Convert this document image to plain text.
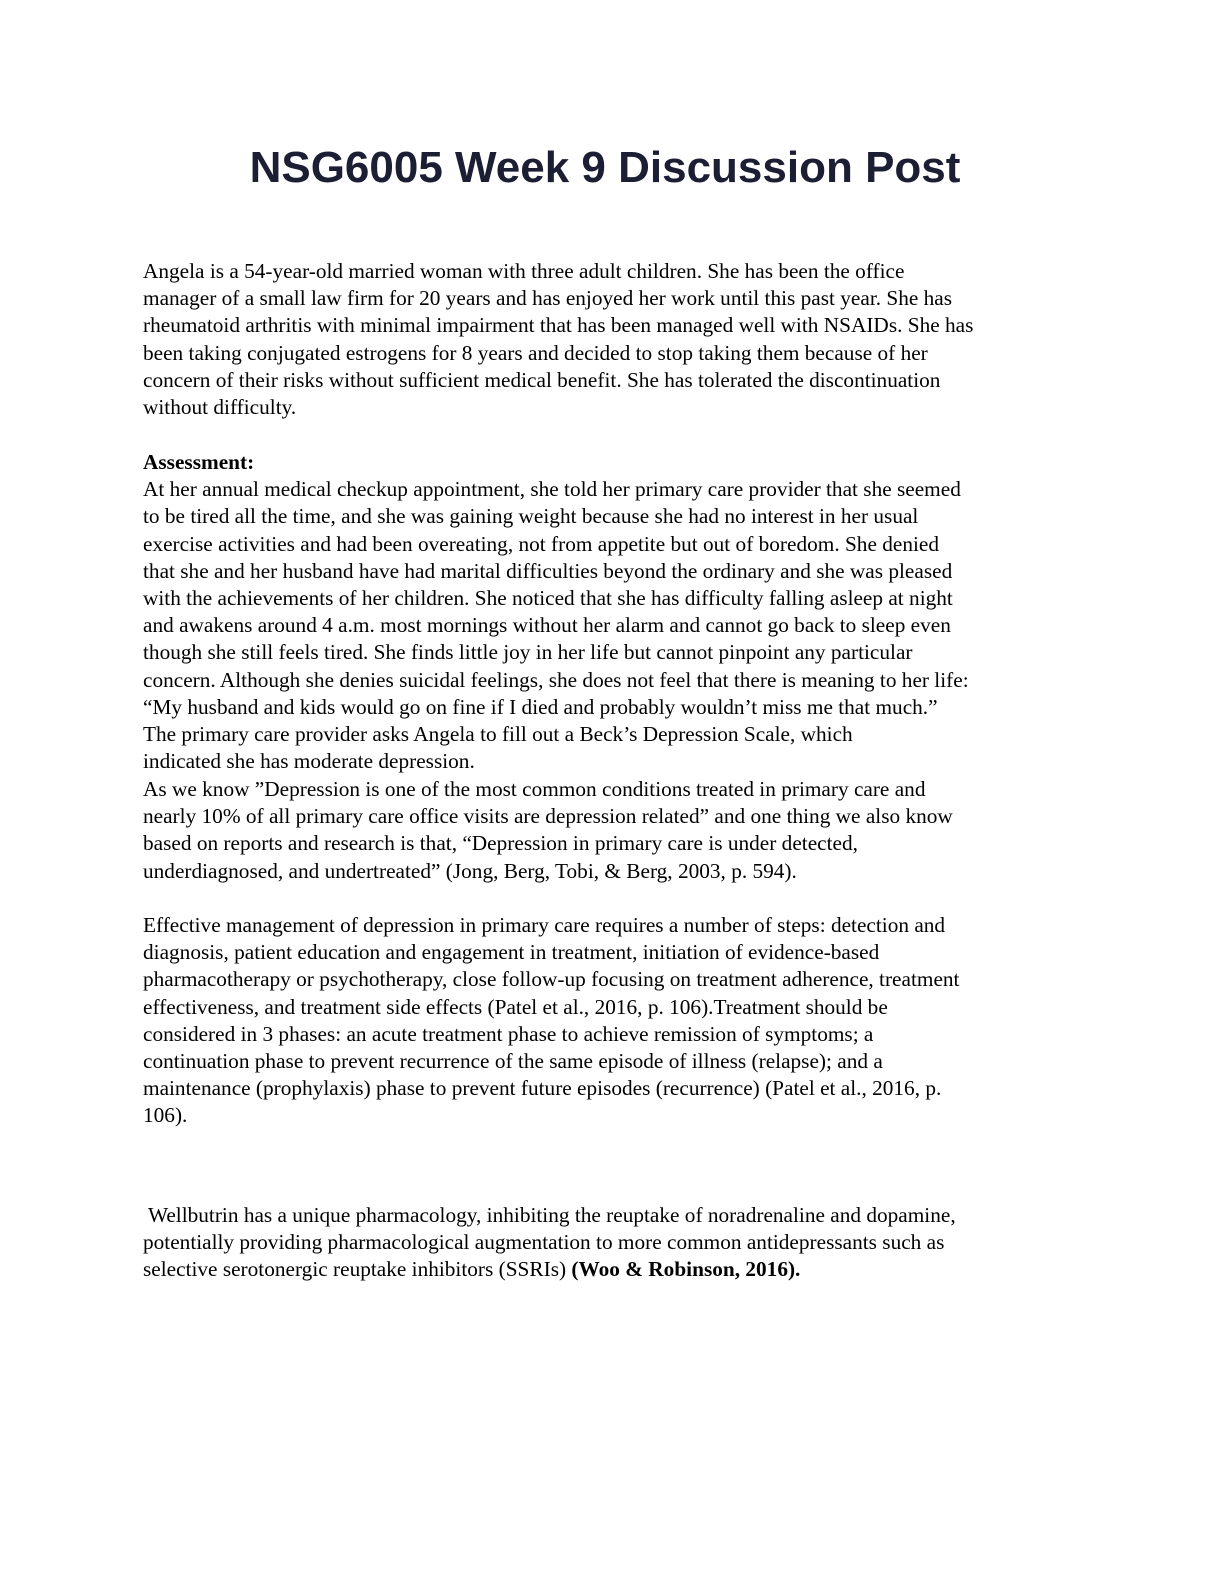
NSG6005 Week 9 Discussion Post
Angela is a 54-year-old married woman with three adult children. She has been the office
manager of a small law firm for 20 years and has enjoyed her work until this past year. She has
rheumatoid arthritis with minimal impairment that has been managed well with NSAIDs. She has
been taking conjugated estrogens for 8 years and decided to stop taking them because of her
concern of their risks without sufficient medical benefit. She has tolerated the discontinuation
without difficulty.
Assessment:
At her annual medical checkup appointment, she told her primary care provider that she seemed
to be tired all the time, and she was gaining weight because she had no interest in her usual
exercise activities and had been overeating, not from appetite but out of boredom. She denied
that she and her husband have had marital difficulties beyond the ordinary and she was pleased
with the achievements of her children. She noticed that she has difficulty falling asleep at night
and awakens around 4 a.m. most mornings without her alarm and cannot go back to sleep even
though she still feels tired. She finds little joy in her life but cannot pinpoint any particular
concern. Although she denies suicidal feelings, she does not feel that there is meaning to her life:
“My husband and kids would go on fine if I died and probably wouldn’t miss me that much.”
The primary care provider asks Angela to fill out a Beck’s Depression Scale, which
indicated she has moderate depression.
As we know ”Depression is one of the most common conditions treated in primary care and
nearly 10% of all primary care office visits are depression related” and one thing we also know
based on reports and research is that, “Depression in primary care is under detected,
underdiagnosed, and undertreated” (Jong, Berg, Tobi, & Berg, 2003, p. 594).
Effective management of depression in primary care requires a number of steps: detection and
diagnosis, patient education and engagement in treatment, initiation of evidence-based
pharmacotherapy or psychotherapy, close follow-up focusing on treatment adherence, treatment
effectiveness, and treatment side effects (Patel et al., 2016, p. 106).Treatment should be
considered in 3 phases: an acute treatment phase to achieve remission of symptoms; a
continuation phase to prevent recurrence of the same episode of illness (relapse); and a
maintenance (prophylaxis) phase to prevent future episodes (recurrence) (Patel et al., 2016, p.
106).
Wellbutrin has a unique pharmacology, inhibiting the reuptake of noradrenaline and dopamine,
potentially providing pharmacological augmentation to more common antidepressants such as
selective serotonergic reuptake inhibitors (SSRIs) (Woo & Robinson, 2016).
